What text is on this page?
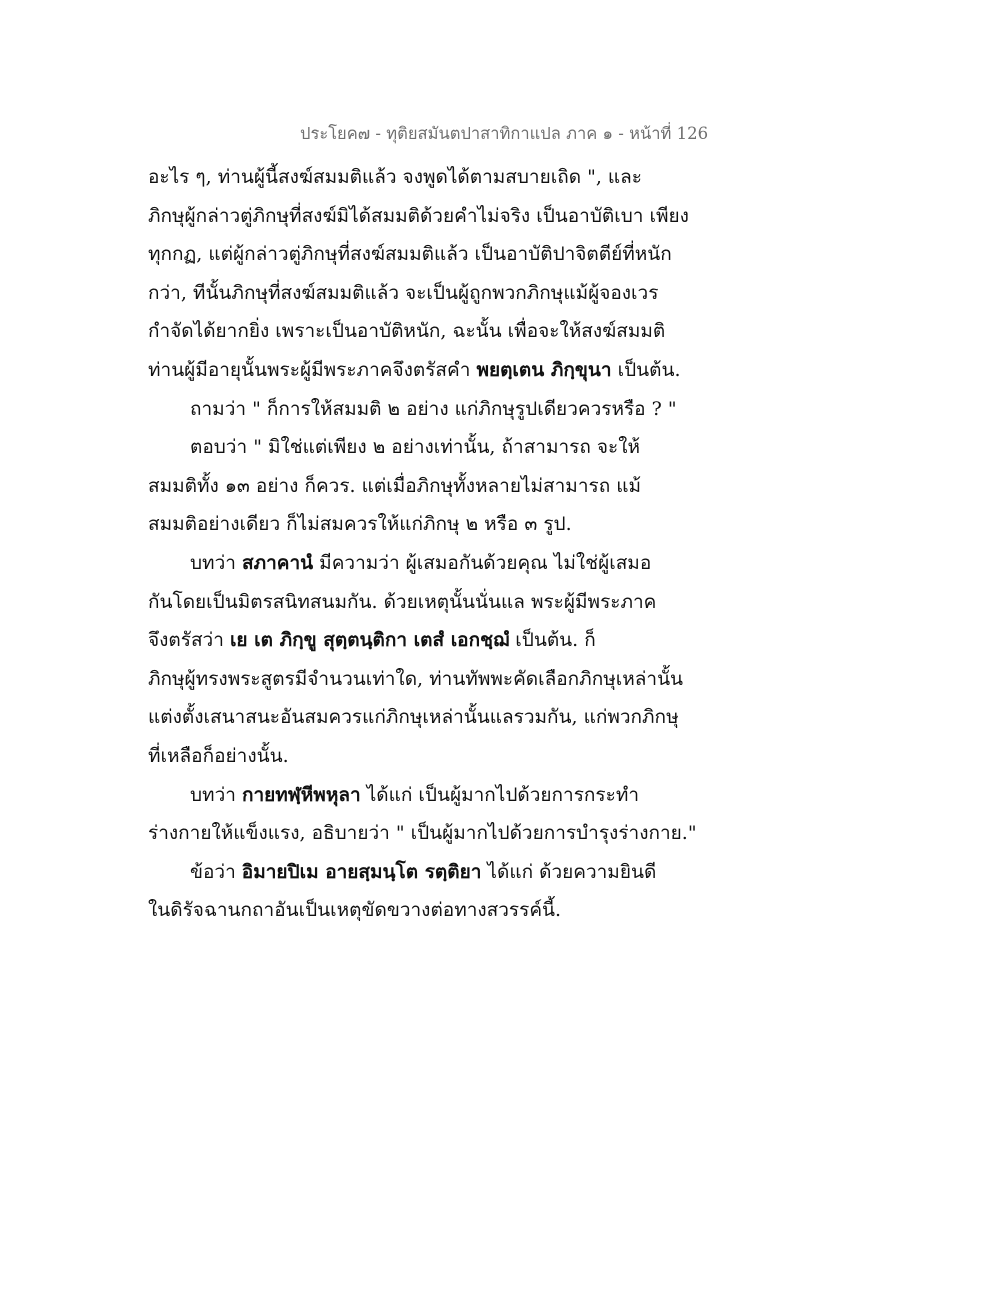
ประโยค๗ - ทุติยสมันตปาสาทิกาแปล ภาค ๑ - หน้าที่ 126
อะไร ๆ, ท่านผู้นี้สงฆ์สมมติแล้ว จงพูดได้ตามสบายเถิด ", และ
ภิกษุผู้กล่าวตู่ภิกษุที่สงฆ์มิได้สมมติด้วยคำไม่จริง เป็นอาบัติเบา เพียง
ทุกกฏ, แต่ผู้กล่าวตู่ภิกษุที่สงฆ์สมมติแล้ว เป็นอาบัติปาจิตตีย์ที่หนัก
กว่า, ทีนั้นภิกษุที่สงฆ์สมมติแล้ว จะเป็นผู้ถูกพวกภิกษุแม้ผู้จองเวร
กำจัดได้ยากยิ่ง เพราะเป็นอาบัติหนัก, ฉะนั้น เพื่อจะให้สงฆ์สมมติ
ท่านผู้มีอายุนั้นพระผู้มีพระภาคจึงตรัสคำ พยตฺเตน ภิกฺขุนา เป็นต้น.
ถามว่า " ก็การให้สมมติ ๒ อย่าง แก่ภิกษุรูปเดียวควรหรือ ? "
ตอบว่า " มิใช่แต่เพียง ๒ อย่างเท่านั้น, ถ้าสามารถ จะให้
สมมติทั้ง ๑๓ อย่าง ก็ควร. แต่เมื่อภิกษุทั้งหลายไม่สามารถ แม้
สมมติอย่างเดียว ก็ไม่สมควรให้แก่ภิกษุ ๒ หรือ ๓ รูป.
บทว่า สภาคานํ มีความว่า ผู้เสมอกันด้วยคุณ ไม่ใช่ผู้เสมอ
กันโดยเป็นมิตรสนิทสนมกัน. ด้วยเหตุนั้นนั่นแล พระผู้มีพระภาค
จึงตรัสว่า เย เต ภิกฺขู สุตฺตนฺติกา เตสํ เอกชฺฌํ เป็นต้น. ก็
ภิกษุผู้ทรงพระสูตรมีจำนวนเท่าใด, ท่านทัพพะคัดเลือกภิกษุเหล่านั้น
แต่งตั้งเสนาสนะอันสมควรแก่ภิกษุเหล่านั้นแลรวมกัน, แก่พวกภิกษุ
ที่เหลือก็อย่างนั้น.
บทว่า กายทฬฺหีพหุลา ได้แก่ เป็นผู้มากไปด้วยการกระทำ
ร่างกายให้แข็งแรง, อธิบายว่า " เป็นผู้มากไปด้วยการบำรุงร่างกาย."
ข้อว่า อิมายปิเม อายสฺมนฺโต รตฺติยา ได้แก่ ด้วยความยินดี
ในดิรัจฉานกถาอันเป็นเหตุขัดขวางต่อทางสวรรค์นี้.
